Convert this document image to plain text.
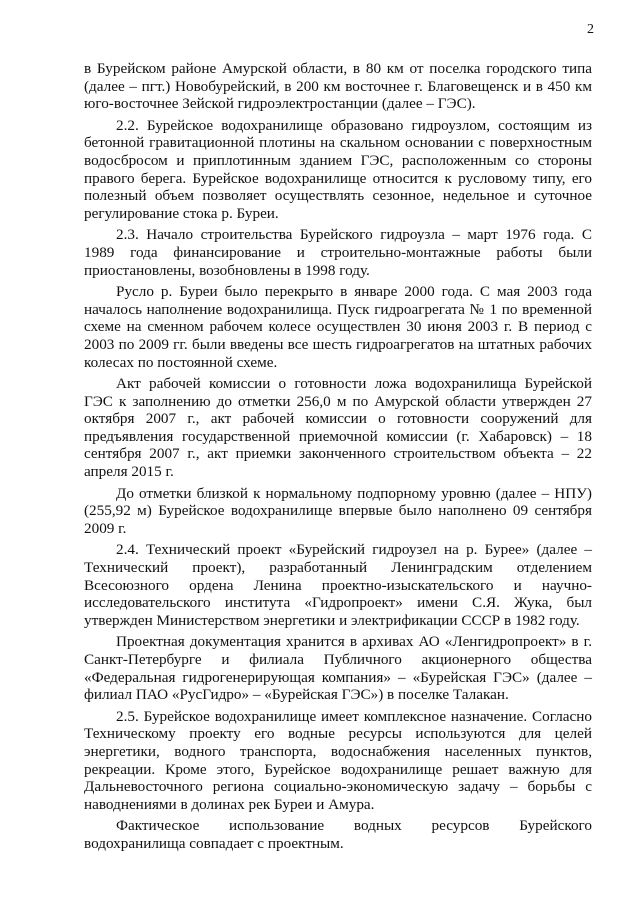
2

в Бурейском районе Амурской области, в 80 км от поселка городского типа (далее – пгт.) Новобурейский, в 200 км восточнее г. Благовещенск и в 450 км юго-восточнее Зейской гидроэлектростанции (далее – ГЭС).

2.2. Бурейское водохранилище образовано гидроузлом, состоящим из бетонной гравитационной плотины на скальном основании с поверхностным водосбросом и приплотинным зданием ГЭС, расположенным со стороны правого берега. Бурейское водохранилище относится к русловому типу, его полезный объем позволяет осуществлять сезонное, недельное и суточное регулирование стока р. Буреи.

2.3. Начало строительства Бурейского гидроузла – март 1976 года. С 1989 года финансирование и строительно-монтажные работы были приостановлены, возобновлены в 1998 году.

Русло р. Буреи было перекрыто в январе 2000 года. С мая 2003 года началось наполнение водохранилища. Пуск гидроагрегата № 1 по временной схеме на сменном рабочем колесе осуществлен 30 июня 2003 г. В период с 2003 по 2009 гг. были введены все шесть гидроагрегатов на штатных рабочих колесах по постоянной схеме.

Акт рабочей комиссии о готовности ложа водохранилища Бурейской ГЭС к заполнению до отметки 256,0 м по Амурской области утвержден 27 октября 2007 г., акт рабочей комиссии о готовности сооружений для предъявления государственной приемочной комиссии (г. Хабаровск) – 18 сентября 2007 г., акт приемки законченного строительством объекта – 22 апреля 2015 г.

До отметки близкой к нормальному подпорному уровню (далее – НПУ) (255,92 м) Бурейское водохранилище впервые было наполнено 09 сентября 2009 г.

2.4. Технический проект «Бурейский гидроузел на р. Бурее» (далее – Технический проект), разработанный Ленинградским отделением Всесоюзного ордена Ленина проектно-изыскательского и научно-исследовательского института «Гидропроект» имени С.Я. Жука, был утвержден Министерством энергетики и электрификации СССР в 1982 году.

Проектная документация хранится в архивах АО «Ленгидропроект» в г. Санкт-Петербурге и филиала Публичного акционерного общества «Федеральная гидрогенерирующая компания» – «Бурейская ГЭС» (далее – филиал ПАО «РусГидро» – «Бурейская ГЭС») в поселке Талакан.

2.5. Бурейское водохранилище имеет комплексное назначение. Согласно Техническому проекту его водные ресурсы используются для целей энергетики, водного транспорта, водоснабжения населенных пунктов, рекреации. Кроме этого, Бурейское водохранилище решает важную для Дальневосточного региона социально-экономическую задачу – борьбы с наводнениями в долинах рек Буреи и Амура.

Фактическое использование водных ресурсов Бурейского водохранилища совпадает с проектным.
